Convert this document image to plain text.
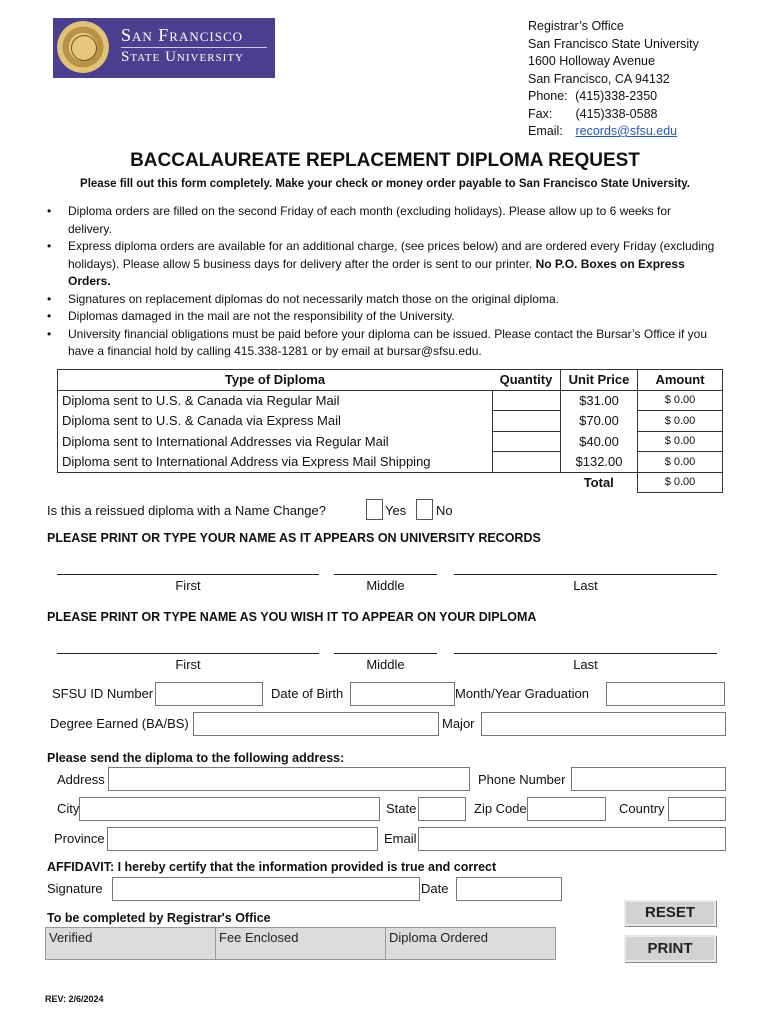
San Francisco
State University
Registrar’s Office
San Francisco State University
1600 Holloway Avenue
San Francisco, CA 94132
Phone: (415)338-2350
Fax: (415)338-0588
Email: records@sfsu.edu
BACCALAUREATE REPLACEMENT DIPLOMA REQUEST
Please fill out this form completely. Make your check or money order payable to San Francisco State University.
• Diploma orders are filled on the second Friday of each month (excluding holidays). Please allow up to 6 weeks for delivery.
• Express diploma orders are available for an additional charge, (see prices below) and are ordered every Friday (excluding holidays). Please allow 5 business days for delivery after the order is sent to our printer. No P.O. Boxes on Express Orders.
• Signatures on replacement diplomas do not necessarily match those on the original diploma.
• Diplomas damaged in the mail are not the responsibility of the University.
• University financial obligations must be paid before your diploma can be issued. Please contact the Bursar’s Office if you have a financial hold by calling 415.338-1281 or by email at bursar@sfsu.edu.
Type of Diploma	Quantity	Unit Price	Amount
Diploma sent to U.S. & Canada via Regular Mail		$31.00	$ 0.00
Diploma sent to U.S. & Canada via Express Mail		$70.00	$ 0.00
Diploma sent to International Addresses via Regular Mail		$40.00	$ 0.00
Diploma sent to International Address via Express Mail Shipping		$132.00	$ 0.00
		Total	$ 0.00
Is this a reissued diploma with a Name Change?	Yes No
PLEASE PRINT OR TYPE YOUR NAME AS IT APPEARS ON UNIVERSITY RECORDS
First	Middle	Last
PLEASE PRINT OR TYPE NAME AS YOU WISH IT TO APPEAR ON YOUR DIPLOMA
First	Middle	Last
SFSU ID Number	Date of Birth	Month/Year Graduation
Degree Earned (BA/BS)	Major
Please send the diploma to the following address:
Address	Phone Number
City	State	Zip Code	Country
Province	Email
AFFIDAVIT: I hereby certify that the information provided is true and correct
Signature	Date
To be completed by Registrar's Office
Verified	Fee Enclosed	Diploma Ordered
RESET
PRINT
REV: 2/6/2024
